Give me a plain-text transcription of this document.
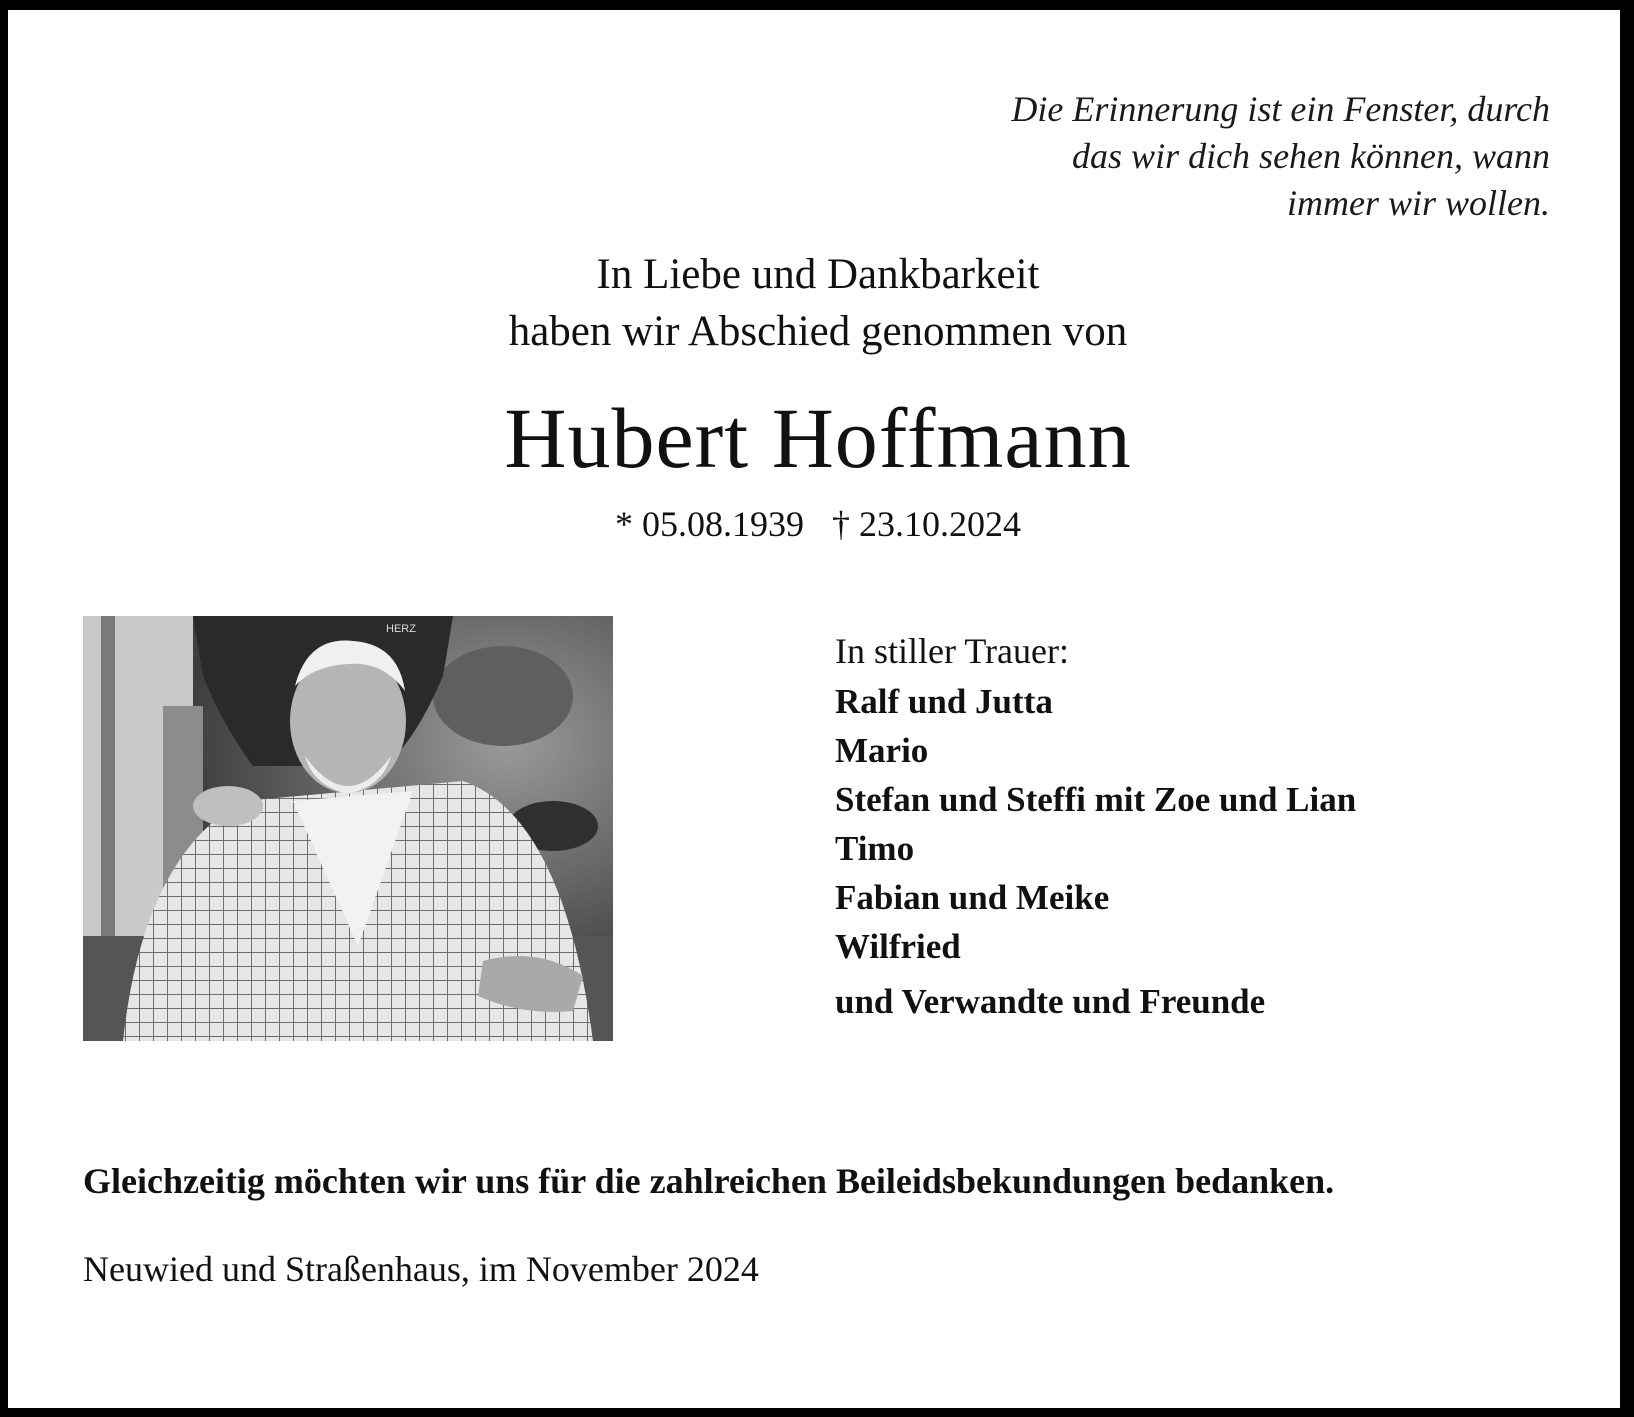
Die Erinnerung ist ein Fenster, durch
das wir dich sehen können, wann
immer wir wollen.
In Liebe und Dankbarkeit
haben wir Abschied genommen von
Hubert Hoffmann
* 05.08.1939 † 23.10.2024
HERZ
In stiller Trauer:
Ralf und Jutta
Mario
Stefan und Steffi mit Zoe und Lian
Timo
Fabian und Meike
Wilfried
und Verwandte und Freunde
Gleichzeitig möchten wir uns für die zahlreichen Beileidsbekundungen bedanken.
Neuwied und Straßenhaus, im November 2024
